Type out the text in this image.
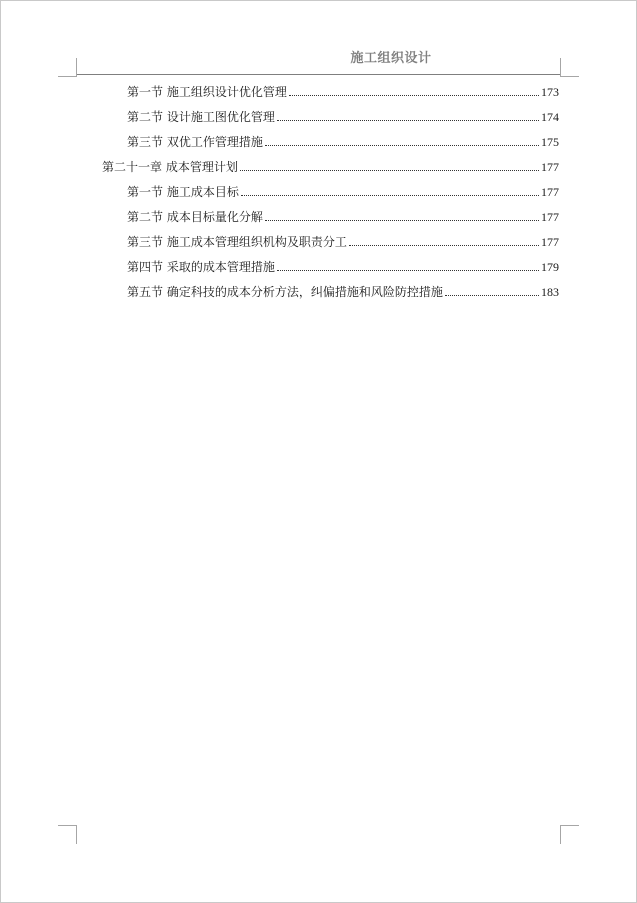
施工组织设计
第一节 施工组织设计优化管理	173
第二节 设计施工图优化管理	174
第三节 双优工作管理措施	175
第二十一章 成本管理计划	177
第一节 施工成本目标	177
第二节 成本目标量化分解	177
第三节 施工成本管理组织机构及职责分工	177
第四节 采取的成本管理措施	179
第五节 确定科技的成本分析方法，纠偏措施和风险防控措施	183
